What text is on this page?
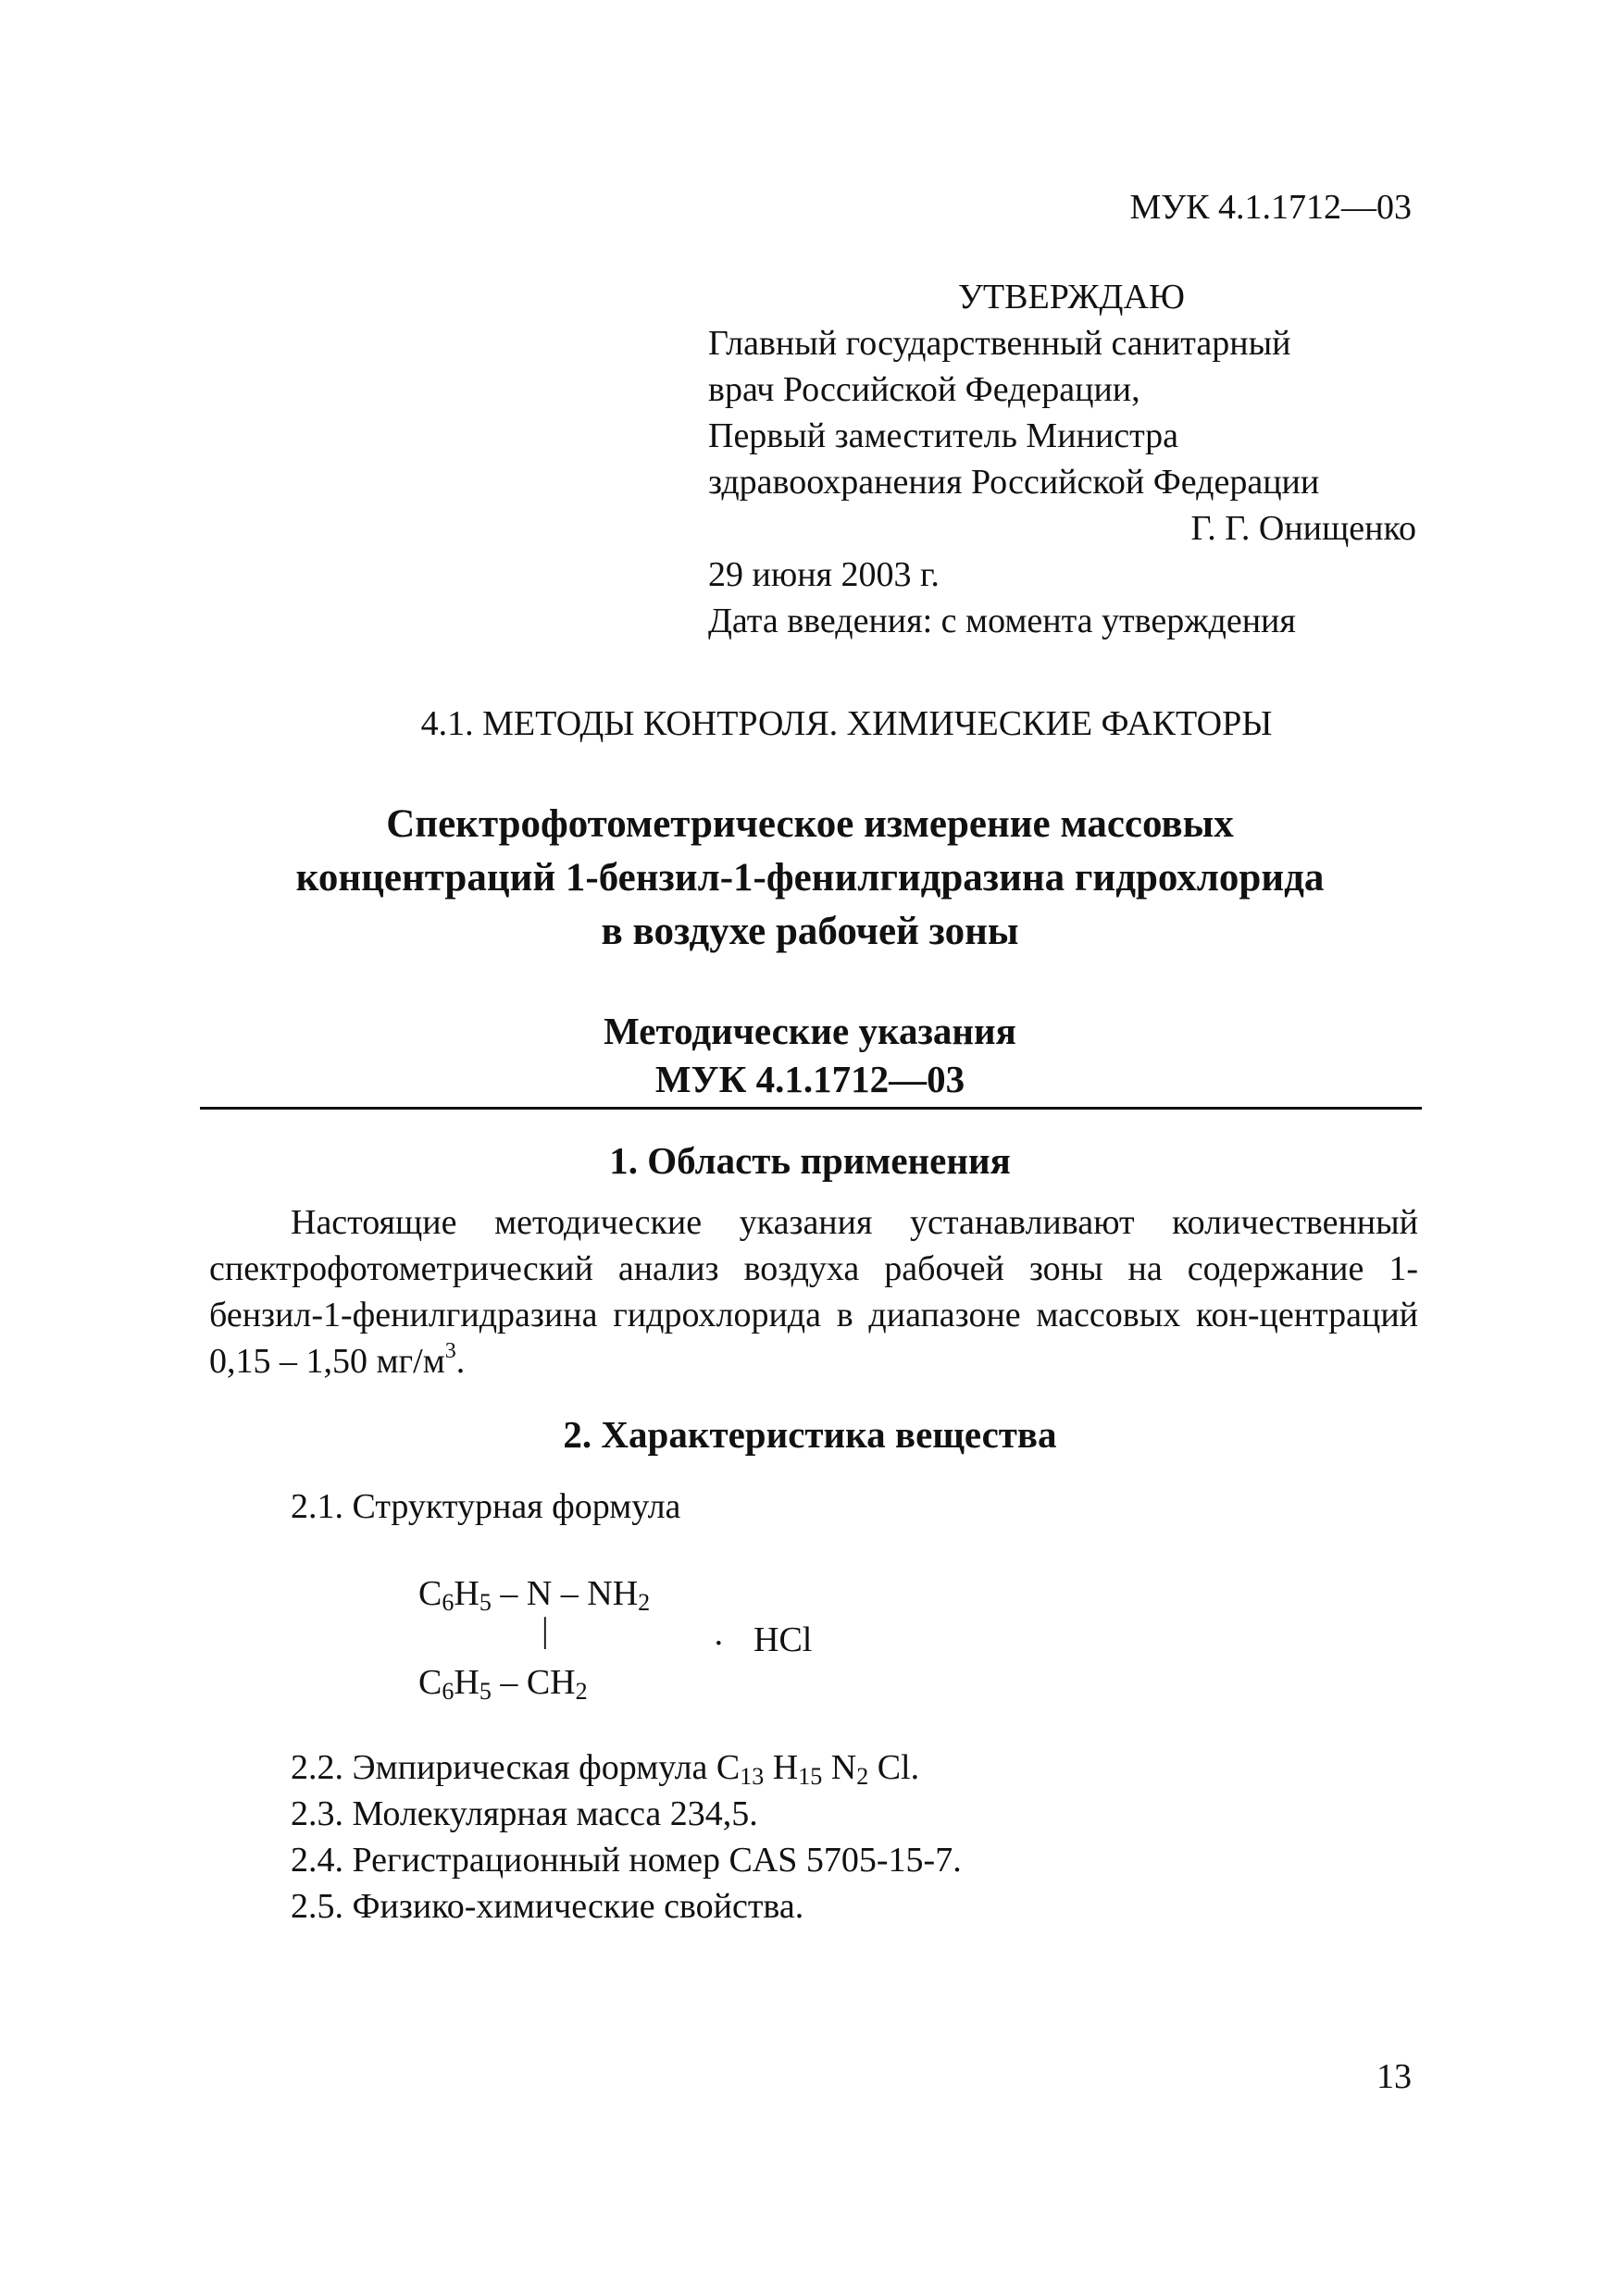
МУК 4.1.1712—03
УТВЕРЖДАЮ
Главный государственный санитарный
врач Российской Федерации,
Первый заместитель Министра
здравоохранения Российской Федерации
Г. Г. Онищенко
29 июня 2003 г.
Дата введения: с момента утверждения
4.1. МЕТОДЫ КОНТРОЛЯ. ХИМИЧЕСКИЕ ФАКТОРЫ
Спектрофотометрическое измерение массовых
концентраций 1-бензил-1-фенилгидразина гидрохлорида
в воздухе рабочей зоны
Методические указания
МУК 4.1.1712—03
1. Область применения
Настоящие методические указания устанавливают количественный спектрофотометрический анализ воздуха рабочей зоны на содержание 1-бензил-1-фенилгидразина гидрохлорида в диапазоне массовых кон-центраций 0,15 – 1,50 $мг/м^3$.
2. Характеристика вещества
2.1. Структурная формула
$C_6H_5$ – N – $NH_2$
|	· HCl
$C_6H_5 - CH_2$
2.2. Эмпирическая формула $C_{13}$ $H_{15}$ $N_2$ Cl.
2.3. Молекулярная масса 234,5.
2.4. Регистрационный номер CAS 5705-15-7.
2.5. Физико-химические свойства.
13
